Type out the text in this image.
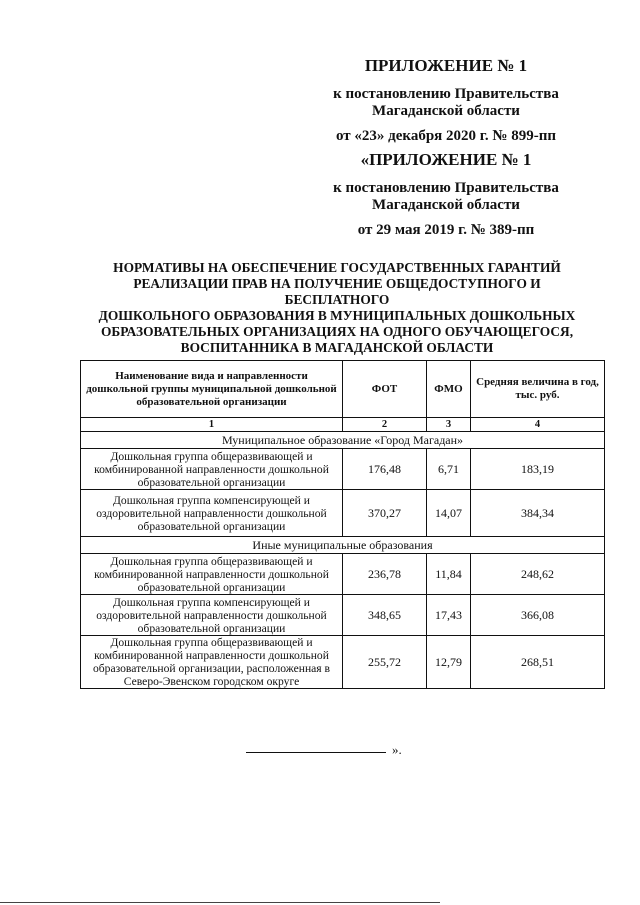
ПРИЛОЖЕНИЕ № 1
к постановлению Правительства
Магаданской области
от «23» декабря 2020 г. № 899-пп
«ПРИЛОЖЕНИЕ № 1
к постановлению Правительства
Магаданской области
от 29 мая 2019 г. № 389-пп
НОРМАТИВЫ НА ОБЕСПЕЧЕНИЕ ГОСУДАРСТВЕННЫХ ГАРАНТИЙ
РЕАЛИЗАЦИИ ПРАВ НА ПОЛУЧЕНИЕ ОБЩЕДОСТУПНОГО И БЕСПЛАТНОГО
ДОШКОЛЬНОГО ОБРАЗОВАНИЯ В МУНИЦИПАЛЬНЫХ ДОШКОЛЬНЫХ
ОБРАЗОВАТЕЛЬНЫХ ОРГАНИЗАЦИЯХ НА ОДНОГО ОБУЧАЮЩЕГОСЯ,
ВОСПИТАННИКА В МАГАДАНСКОЙ ОБЛАСТИ
Наименование вида и направленности дошкольной группы муниципальной дошкольной образовательной организации	ФОТ	ФМО	Средняя величина в год, тыс. руб.
1	2	3	4
Муниципальное образование «Город Магадан»			
Дошкольная группа общеразвивающей и комбинированной направленности дошкольной образовательной организации	176,48	6,71	183,19
Дошкольная группа компенсирующей и оздоровительной направленности дошкольной образовательной организации	370,27	14,07	384,34
Иные муниципальные образования			
Дошкольная группа общеразвивающей и комбинированной направленности дошкольной образовательной организации	236,78	11,84	248,62
Дошкольная группа компенсирующей и оздоровительной направленности дошкольной образовательной организации	348,65	17,43	366,08
Дошкольная группа общеразвивающей и комбинированной направленности дошкольной образовательной организации, расположенная в Северо-Эвенском городском округе	255,72	12,79	268,51
».
